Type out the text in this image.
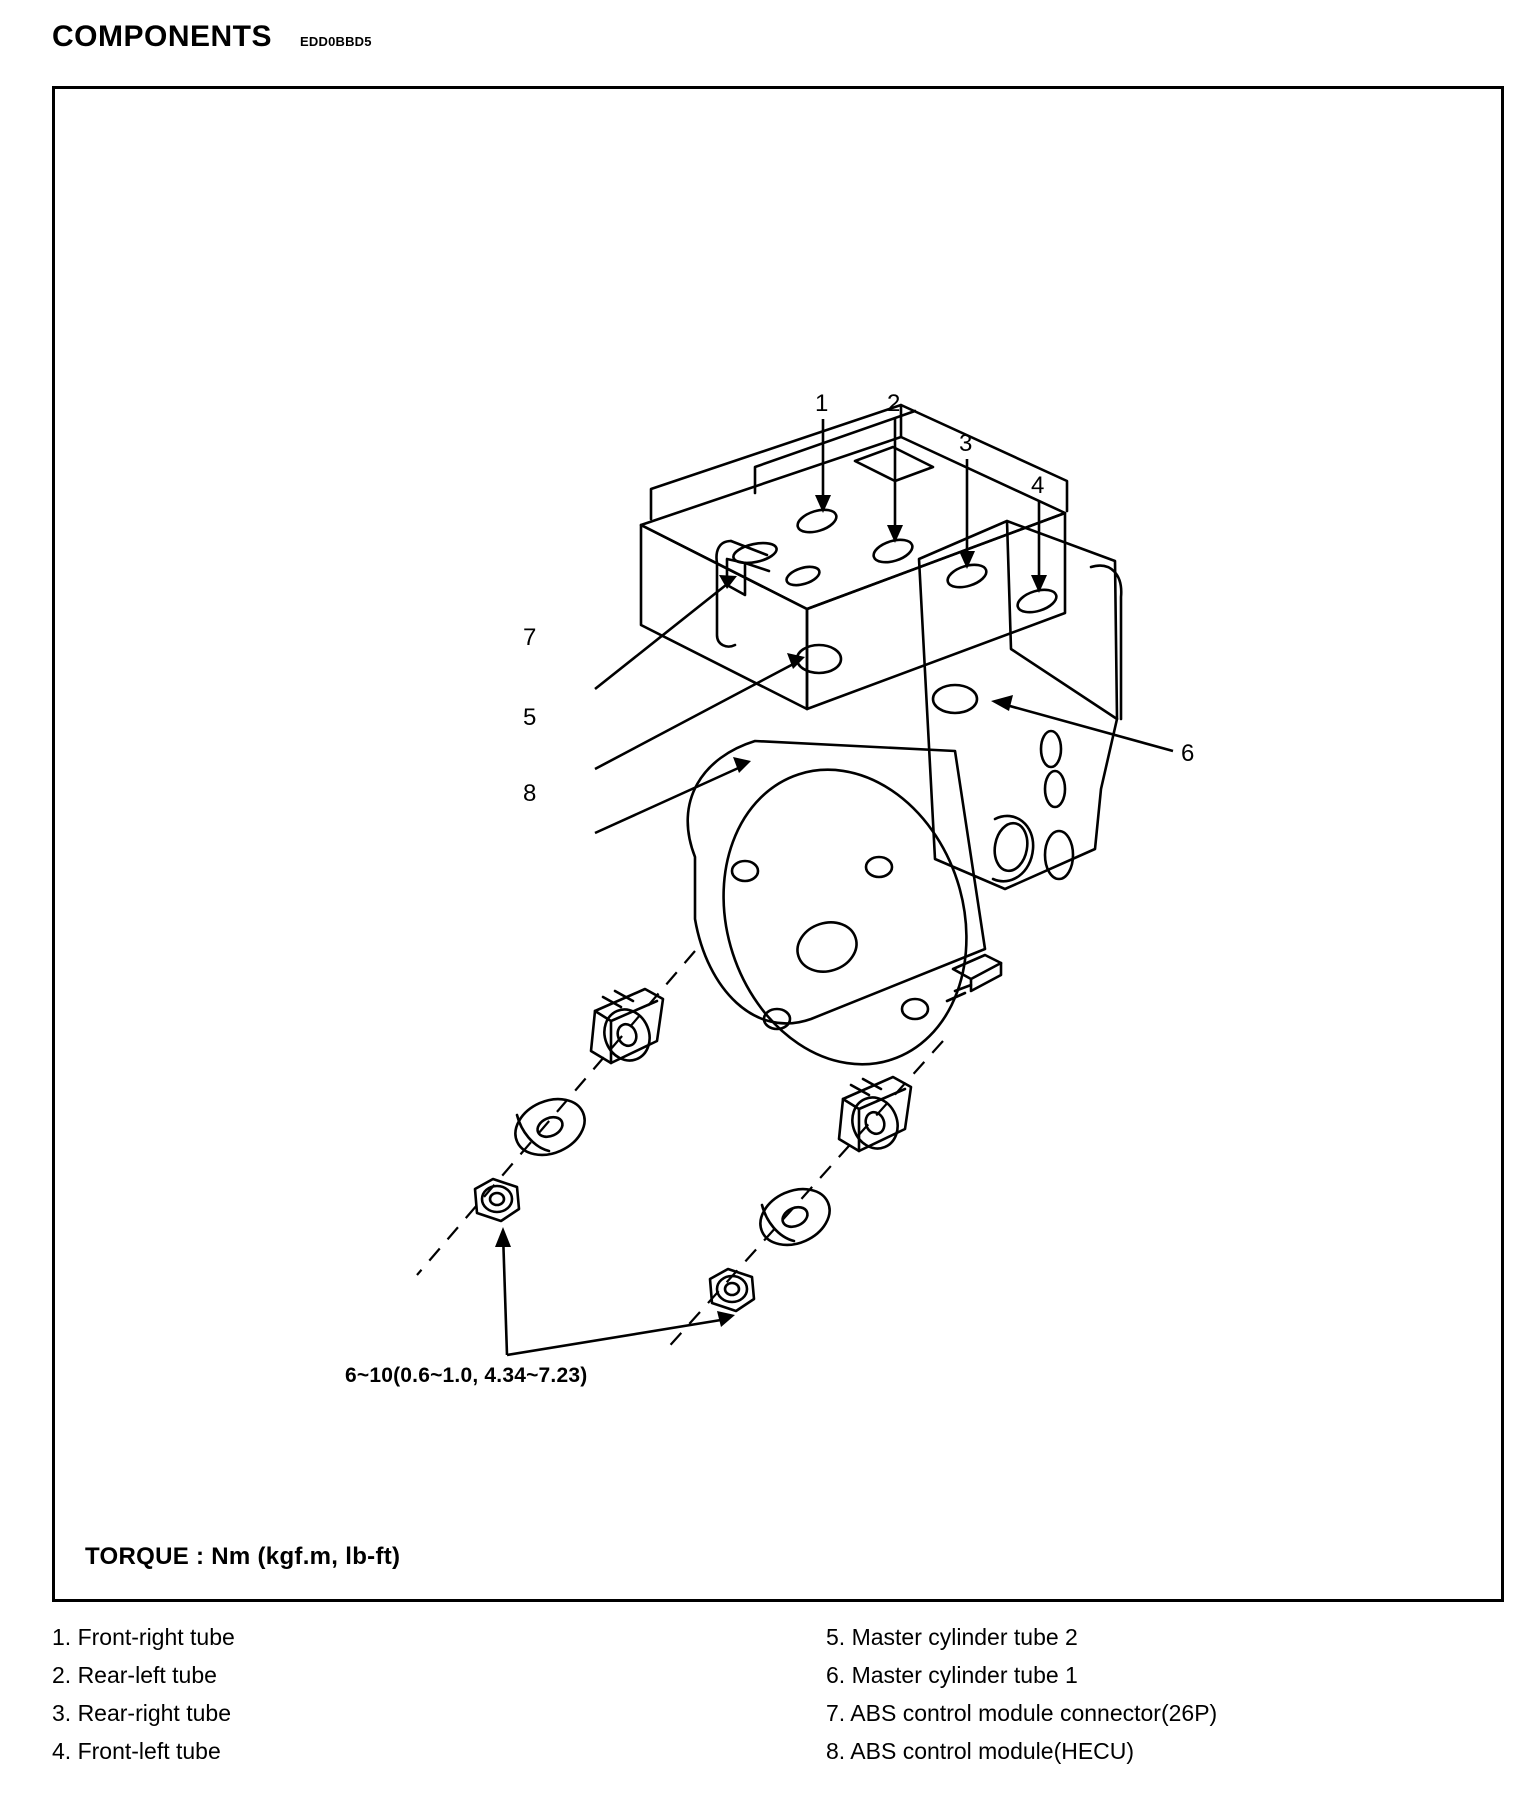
COMPONENTS EDD0BBD5
1 2
3
4
5
6
7
8
6~10(0.6~1.0, 4.34~7.23)
TORQUE : Nm (kgf.m, lb-ft)
1. Front-right tube
2. Rear-left tube
3. Rear-right tube
4. Front-left tube
5. Master cylinder tube 2
6. Master cylinder tube 1
7. ABS control module connector(26P)
8. ABS control module(HECU)
